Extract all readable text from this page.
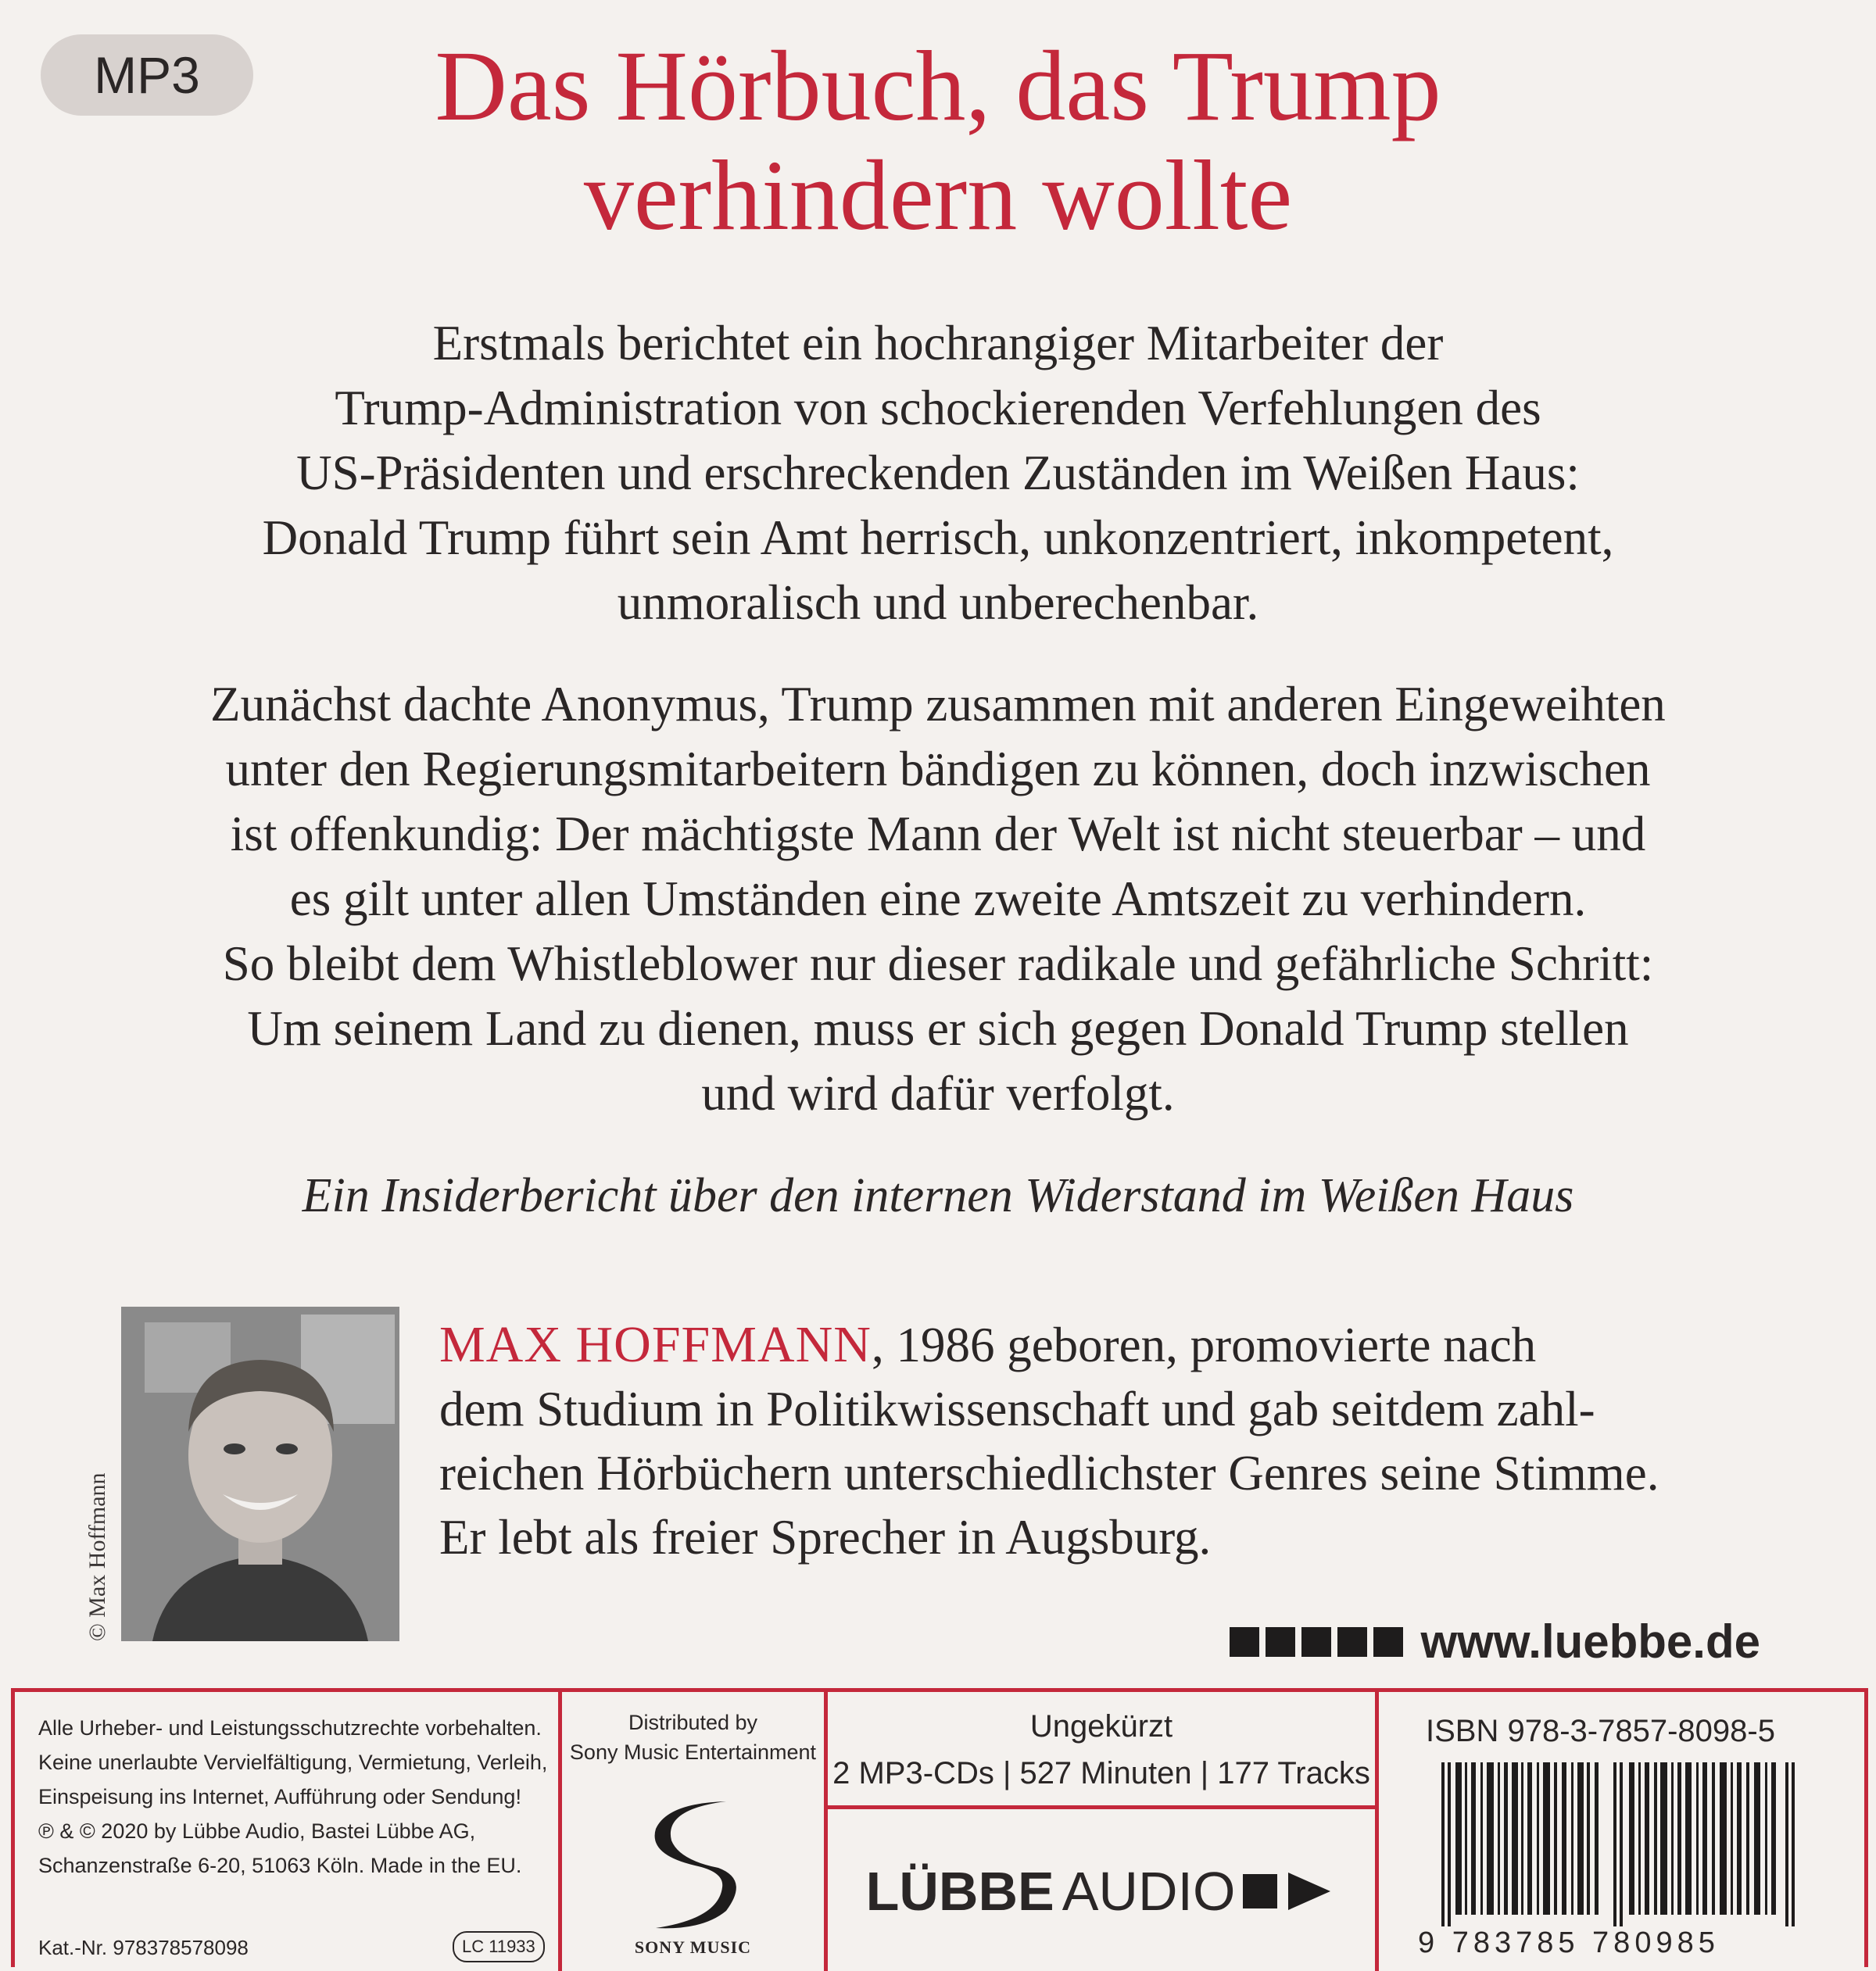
MP3	Das Hörbuch, das Trump
verhindern wollte
Erstmals berichtet ein hochrangiger Mitarbeiter der
Trump-Administration von schockierenden Verfehlungen des
US-Präsidenten und erschreckenden Zuständen im Weißen Haus:
Donald Trump führt sein Amt herrisch, unkonzentriert, inkompetent,
unmoralisch und unberechenbar.
Zunächst dachte Anonymus, Trump zusammen mit anderen Eingeweihten
unter den Regierungsmitarbeitern bändigen zu können, doch inzwischen
ist offenkundig: Der mächtigste Mann der Welt ist nicht steuerbar – und
es gilt unter allen Umständen eine zweite Amtszeit zu verhindern.
So bleibt dem Whistleblower nur dieser radikale und gefährliche Schritt:
Um seinem Land zu dienen, muss er sich gegen Donald Trump stellen
und wird dafür verfolgt.
Ein Insiderbericht über den internen Widerstand im Weißen Haus
© Max Hoffmann
MAX HOFFMANN, 1986 geboren, promovierte nach
dem Studium in Politikwissenschaft und gab seitdem zahl-
reichen Hörbüchern unterschiedlichster Genres seine Stimme.
Er lebt als freier Sprecher in Augsburg.
www.luebbe.de
Alle Urheber- und Leistungsschutzrechte vorbehalten.
Keine unerlaubte Vervielfältigung, Vermietung, Verleih,
Einspeisung ins Internet, Aufführung oder Sendung!
℗ & © 2020 by Lübbe Audio, Bastei Lübbe AG,
Schanzenstraße 6-20, 51063 Köln. Made in the EU.
Kat.-Nr. 978378578098	LC 11933
Distributed by
Sony Music Entertainment
SONY MUSIC
Ungekürzt
2 MP3-CDs | 527 Minuten | 177 Tracks
LÜBBE AUDIO
ISBN 978-3-7857-8098-5
9 783785 780985
